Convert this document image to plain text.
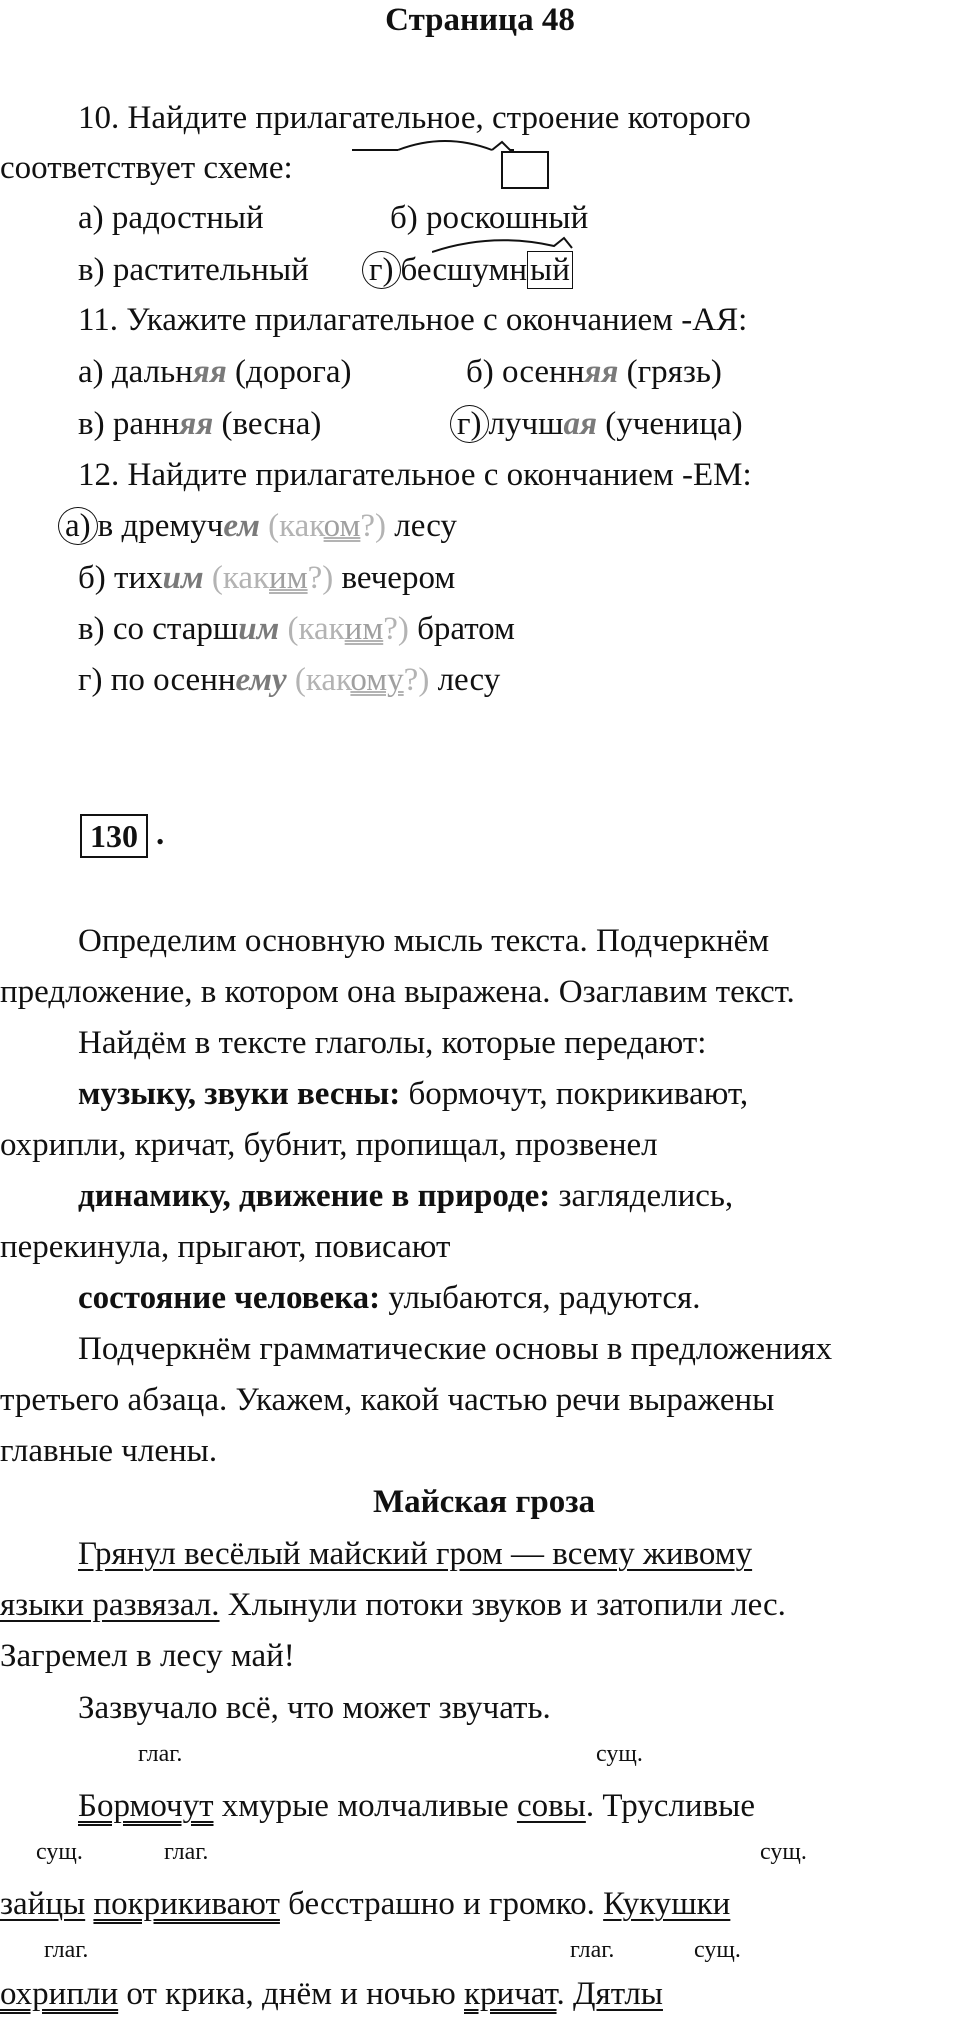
Страница 48
10. Найдите прилагательное, строение которого
соответствует схеме:
а) радостный	б) роскошный
в) растительный г) бесшумный
11. Укажите прилагательное с окончанием -АЯ:
а) дальняя (дорога)	б) осенняя (грязь)
в) ранняя (весна)	г) лучшая (ученица)
12. Найдите прилагательное с окончанием -ЕМ:
а) в дремучем (каком?) лесу
б) тихим (каким?) вечером
в) со старшим (каким?) братом
г) по осеннему (какому?) лесу
130 .
Определим основную мысль текста. Подчеркнём
предложение, в котором она выражена. Озаглавим текст.
Найдём в тексте глаголы, которые передают:
музыку, звуки весны: бормочут, покрикивают,
охрипли, кричат, бубнит, пропищал, прозвенел
динамику, движение в природе: загляделись,
перекинула, прыгают, повисают
состояние человека: улыбаются, радуются.
Подчеркнём грамматические основы в предложениях
третьего абзаца. Укажем, какой частью речи выражены
главные члены.
Майская гроза
Грянул весёлый майский гром — всему живому
языки развязал. Хлынули потоки звуков и затопили лес.
Загремел в лесу май!
Зазвучало всё, что может звучать.
глаг.	сущ.
Бормочут хмурые молчаливые совы. Трусливые
сущ.	глаг.	сущ.
зайцы покрикивают бесстрашно и громко. Кукушки
глаг.	глаг.	сущ.
охрипли от крика, днём и ночью кричат. Дятлы
